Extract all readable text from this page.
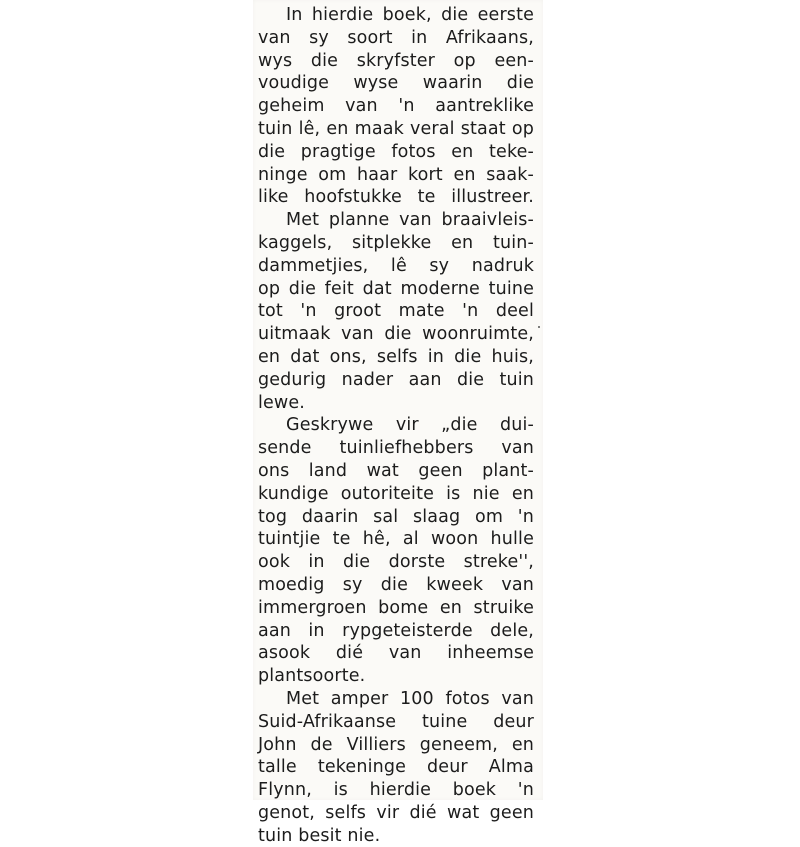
In hierdie boek, die eerste
van sy soort in Afrikaans,
wys die skryfster op een-
voudige wyse waarin die
geheim van 'n aantreklike
tuin lê, en maak veral staat op
die pragtige fotos en teke-
ninge om haar kort en saak-
like hoofstukke te illustreer.

Met planne van braaivleis-
kaggels, sitplekke en tuin-
dammetjies, lê sy nadruk
op die feit dat moderne tuine
tot 'n groot mate 'n deel
uitmaak van die woonruimte,
en dat ons, selfs in die huis,
gedurig nader aan die tuin
lewe.

Geskrywe vir „die dui-
sende tuinliefhebbers van
ons land wat geen plant-
kundige outoriteite is nie en
tog daarin sal slaag om 'n
tuintjie te hê, al woon hulle
ook in die dorste streke'',
moedig sy die kweek van
immergroen bome en struike
aan in rypgeteisterde dele,
asook dié van inheemse
plantsoorte.

Met amper 100 fotos van
Suid-Afrikaanse tuine deur
John de Villiers geneem, en
talle tekeninge deur Alma
Flynn, is hierdie boek 'n
genot, selfs vir dié wat geen
tuin besit nie.
